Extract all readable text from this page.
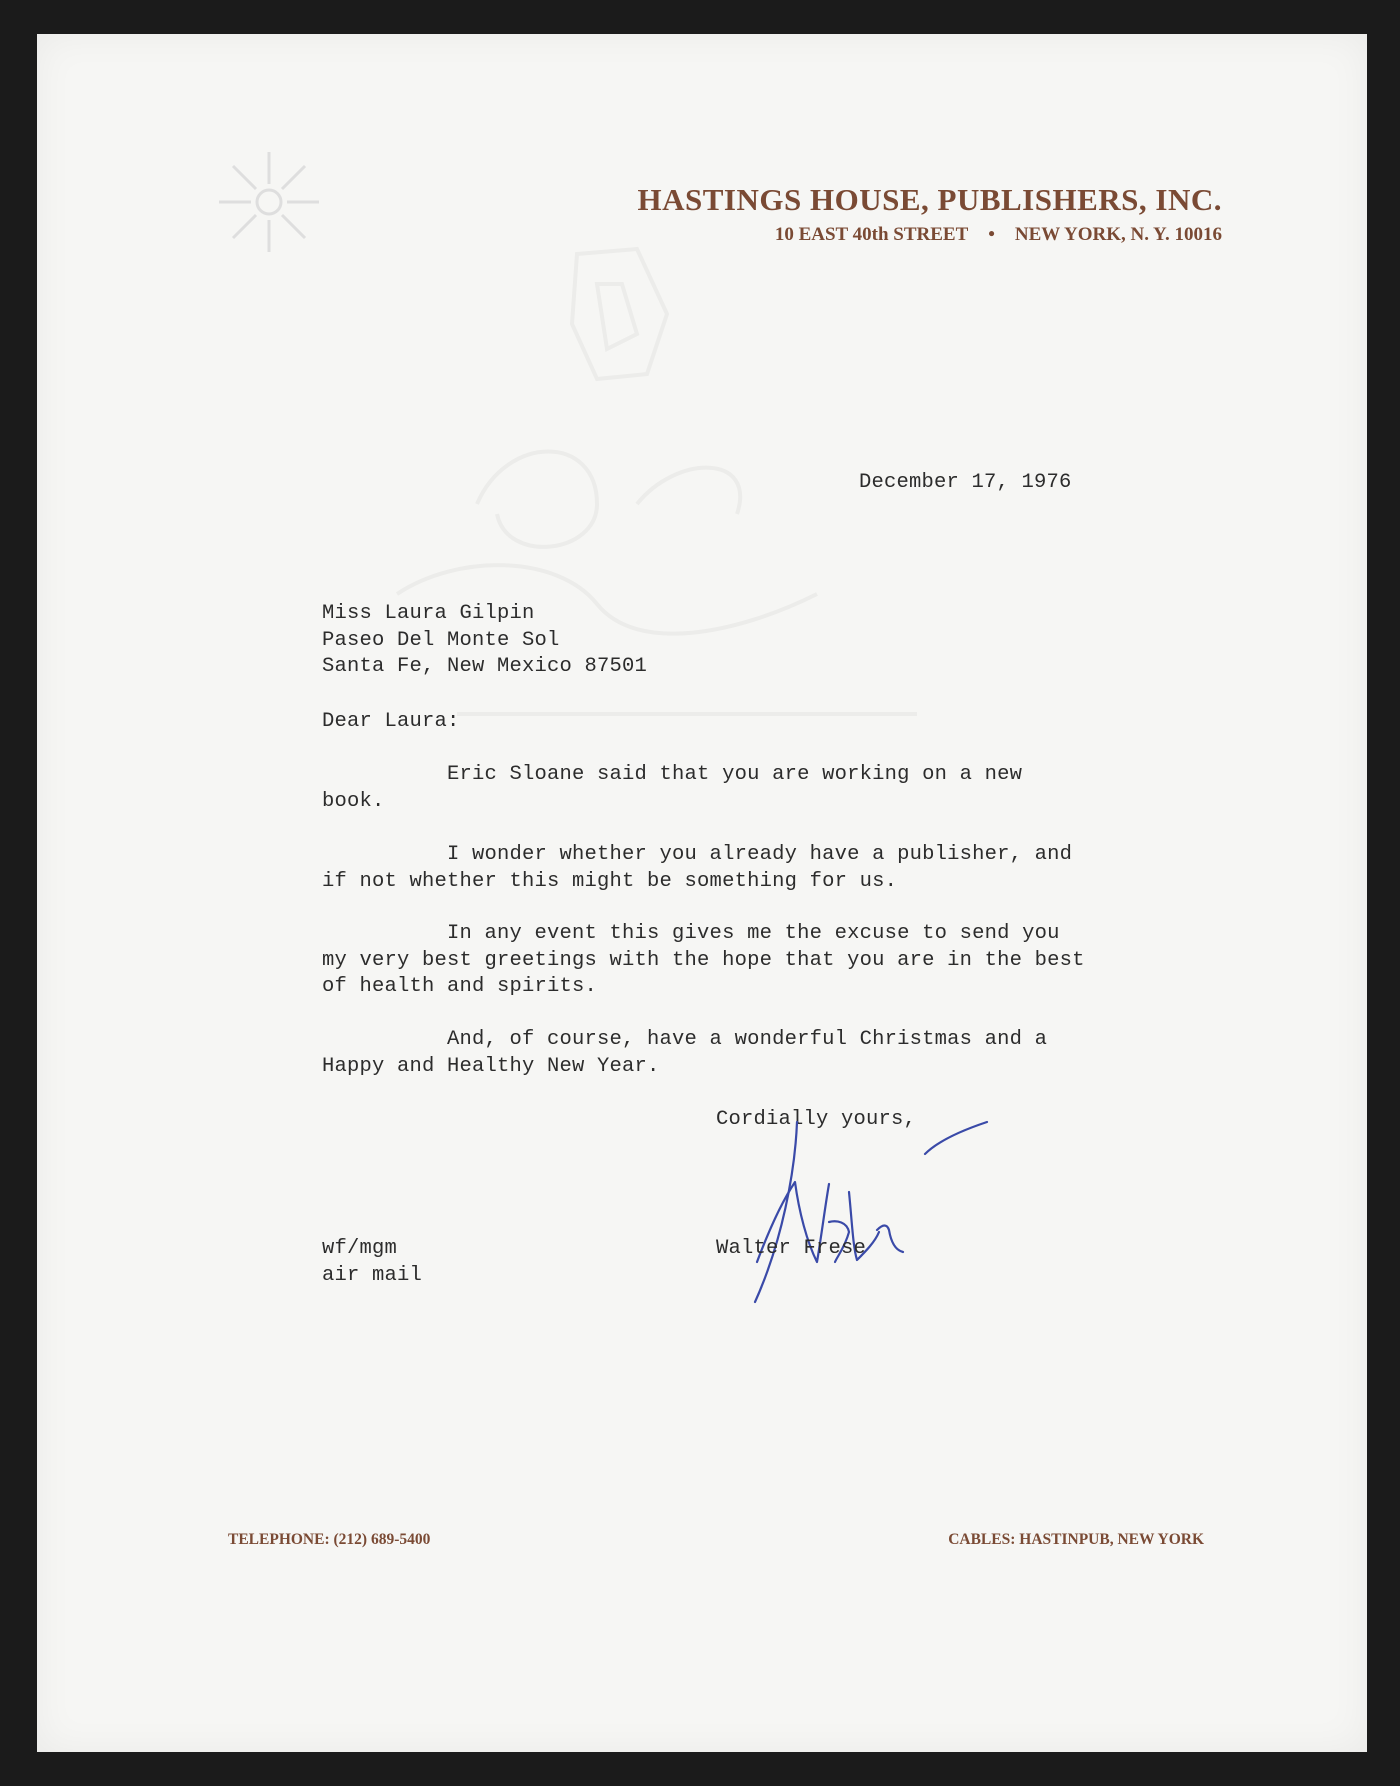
HASTINGS HOUSE, PUBLISHERS, INC.
10 EAST 40th STREET • NEW YORK, N. Y. 10016
December 17, 1976
Miss Laura Gilpin
Paseo Del Monte Sol
Santa Fe, New Mexico 87501
Dear Laura:
Eric Sloane said that you are working on a new
book.
I wonder whether you already have a publisher, and
if not whether this might be something for us.
In any event this gives me the excuse to send you
my very best greetings with the hope that you are in the best
of health and spirits.
And, of course, have a wonderful Christmas and a
Happy and Healthy New Year.
Cordially yours,
wf/mgm
air mail
Walter Frese
TELEPHONE: (212) 689-5400	CABLES: HASTINPUB, NEW YORK
